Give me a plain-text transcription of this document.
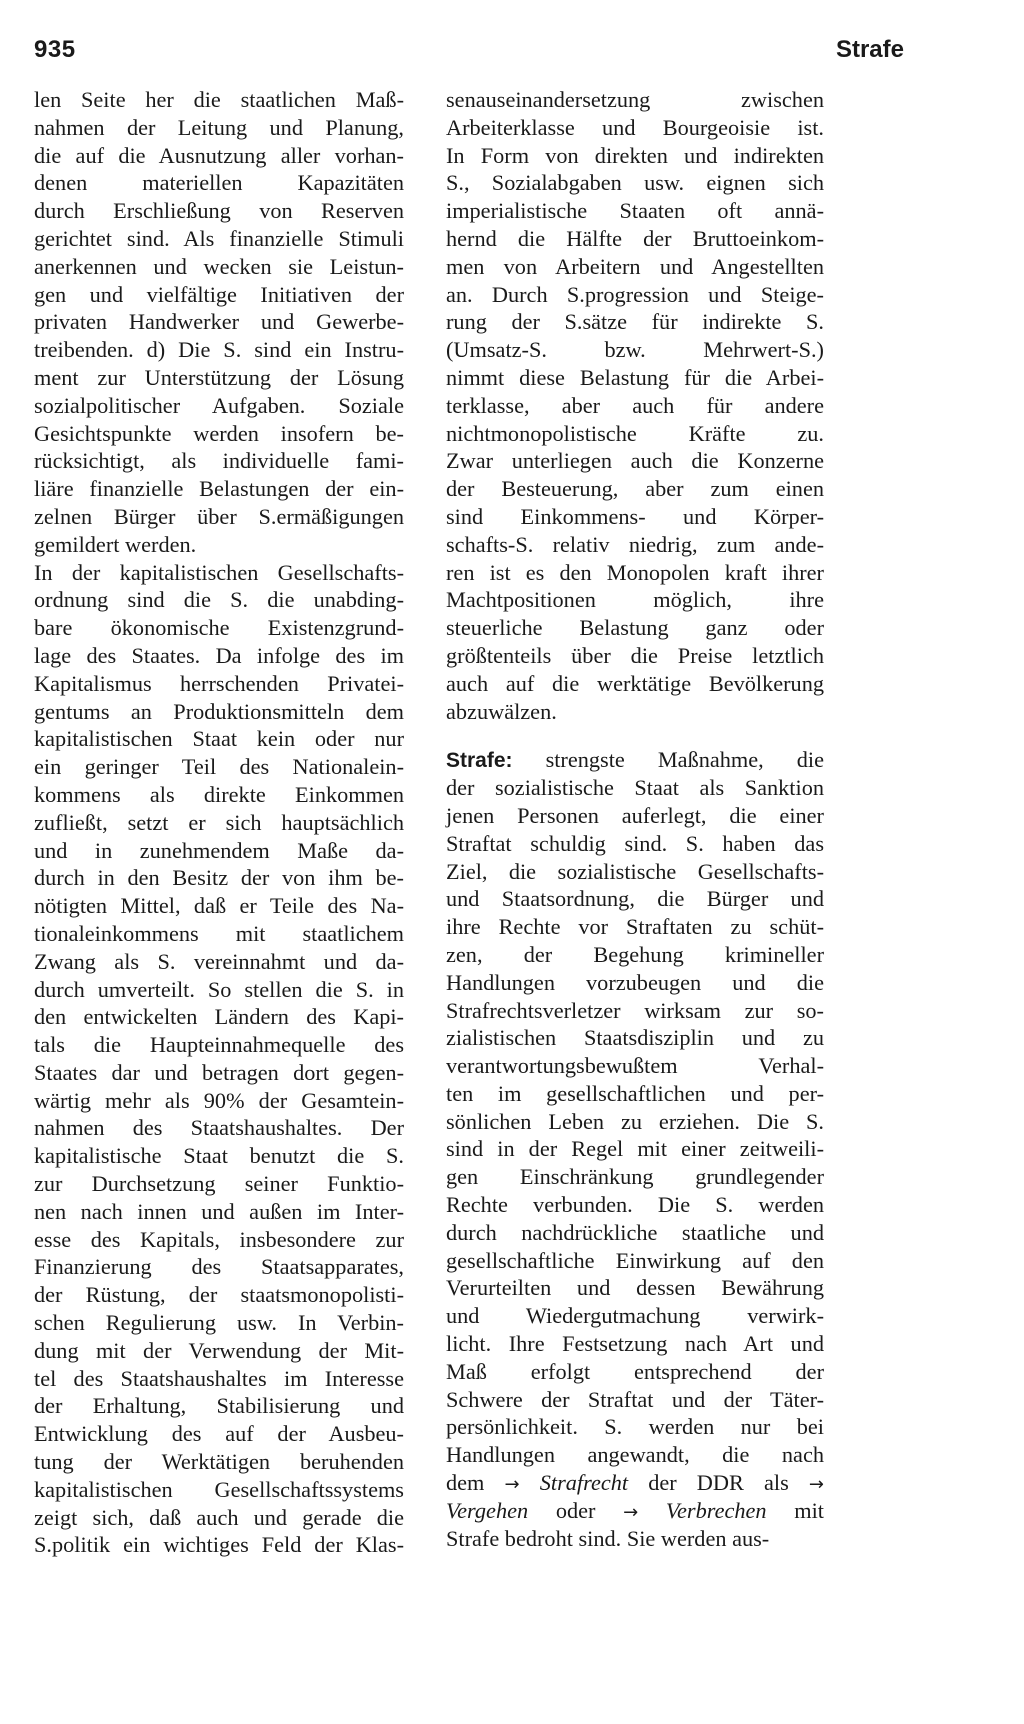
935	Strafe
len Seite her die staatlichen Maß-
nahmen der Leitung und Planung,
die auf die Ausnutzung aller vorhan-
denen materiellen Kapazitäten
durch Erschließung von Reserven
gerichtet sind. Als finanzielle Stimuli
anerkennen und wecken sie Leistun-
gen und vielfältige Initiativen der
privaten Handwerker und Gewerbe-
treibenden. d) Die S. sind ein Instru-
ment zur Unterstützung der Lösung
sozialpolitischer Aufgaben. Soziale
Gesichtspunkte werden insofern be-
rücksichtigt, als individuelle fami-
liäre finanzielle Belastungen der ein-
zelnen Bürger über S.ermäßigungen
gemildert werden.
In der kapitalistischen Gesellschafts-
ordnung sind die S. die unabding-
bare ökonomische Existenzgrund-
lage des Staates. Da infolge des im
Kapitalismus herrschenden Privatei-
gentums an Produktionsmitteln dem
kapitalistischen Staat kein oder nur
ein geringer Teil des Nationalein-
kommens als direkte Einkommen
zufließt, setzt er sich hauptsächlich
und in zunehmendem Maße da-
durch in den Besitz der von ihm be-
nötigten Mittel, daß er Teile des Na-
tionaleinkommens mit staatlichem
Zwang als S. vereinnahmt und da-
durch umverteilt. So stellen die S. in
den entwickelten Ländern des Kapi-
tals die Haupteinnahmequelle des
Staates dar und betragen dort gegen-
wärtig mehr als 90% der Gesamtein-
nahmen des Staatshaushaltes. Der
kapitalistische Staat benutzt die S.
zur Durchsetzung seiner Funktio-
nen nach innen und außen im Inter-
esse des Kapitals, insbesondere zur
Finanzierung des Staatsapparates,
der Rüstung, der staatsmonopolisti-
schen Regulierung usw. In Verbin-
dung mit der Verwendung der Mit-
tel des Staatshaushaltes im Interesse
der Erhaltung, Stabilisierung und
Entwicklung des auf der Ausbeu-
tung der Werktätigen beruhenden
kapitalistischen Gesellschaftssystems
zeigt sich, daß auch und gerade die
S.politik ein wichtiges Feld der Klas-
senauseinandersetzung zwischen
Arbeiterklasse und Bourgeoisie ist.
In Form von direkten und indirekten
S., Sozialabgaben usw. eignen sich
imperialistische Staaten oft annä-
hernd die Hälfte der Bruttoeinkom-
men von Arbeitern und Angestellten
an. Durch S.progression und Steige-
rung der S.sätze für indirekte S.
(Umsatz-S. bzw. Mehrwert-S.)
nimmt diese Belastung für die Arbei-
terklasse, aber auch für andere
nichtmonopolistische Kräfte zu.
Zwar unterliegen auch die Konzerne
der Besteuerung, aber zum einen
sind Einkommens- und Körper-
schafts-S. relativ niedrig, zum ande-
ren ist es den Monopolen kraft ihrer
Machtpositionen möglich, ihre
steuerliche Belastung ganz oder
größtenteils über die Preise letztlich
auch auf die werktätige Bevölkerung
abzuwälzen.
Strafe: strengste Maßnahme, die
der sozialistische Staat als Sanktion
jenen Personen auferlegt, die einer
Straftat schuldig sind. S. haben das
Ziel, die sozialistische Gesellschafts-
und Staatsordnung, die Bürger und
ihre Rechte vor Straftaten zu schüt-
zen, der Begehung krimineller
Handlungen vorzubeugen und die
Strafrechtsverletzer wirksam zur so-
zialistischen Staatsdisziplin und zu
verantwortungsbewußtem Verhal-
ten im gesellschaftlichen und per-
sönlichen Leben zu erziehen. Die S.
sind in der Regel mit einer zeitweili-
gen Einschränkung grundlegender
Rechte verbunden. Die S. werden
durch nachdrückliche staatliche und
gesellschaftliche Einwirkung auf den
Verurteilten und dessen Bewährung
und Wiedergutmachung verwirk-
licht. Ihre Festsetzung nach Art und
Maß erfolgt entsprechend der
Schwere der Straftat und der Täter-
persönlichkeit. S. werden nur bei
Handlungen angewandt, die nach
dem → Strafrecht der DDR als →
Vergehen oder → Verbrechen mit
Strafe bedroht sind. Sie werden aus-
